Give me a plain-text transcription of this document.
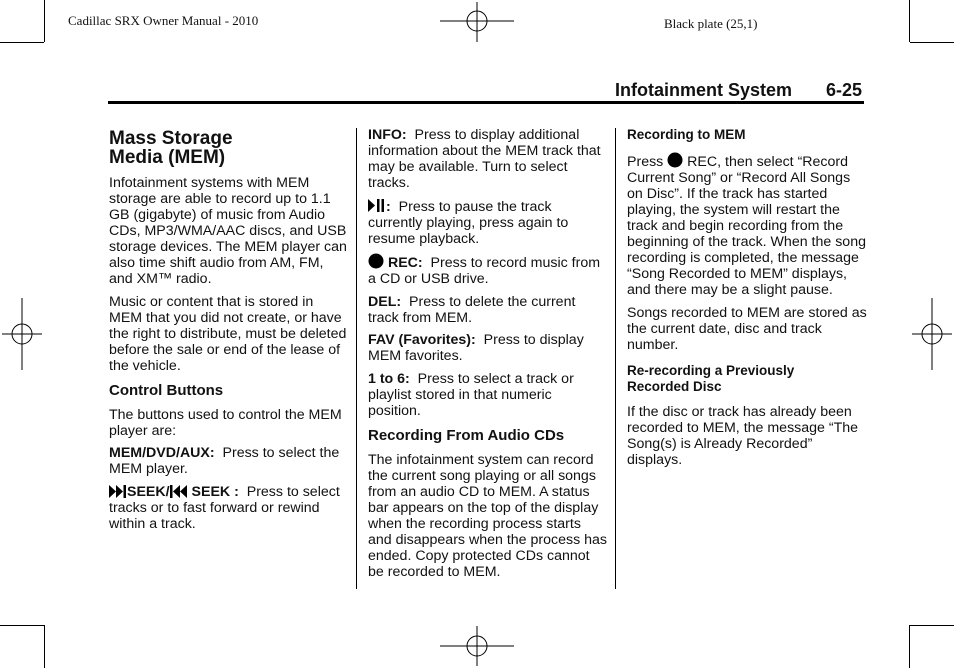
Cadillac SRX Owner Manual - 2010	Black plate (25,1)
Infotainment System 6-25
Mass Storage
Media (MEM)

Infotainment systems with MEM storage are able to record up to 1.1 GB (gigabyte) of music from Audio CDs, MP3/WMA/AAC discs, and USB storage devices. The MEM player can also time shift audio from AM, FM, and XM™ radio.

Music or content that is stored in MEM that you did not create, or have the right to distribute, must be deleted before the sale or end of the lease of the vehicle.

Control Buttons

The buttons used to control the MEM player are:

MEM/DVD/AUX: Press to select the MEM player.

SEEK/ SEEK : Press to select tracks or to fast forward or rewind within a track.

INFO: Press to display additional information about the MEM track that may be available. Turn to select tracks.

: Press to pause the track currently playing, press again to resume playback.

REC: Press to record music from a CD or USB drive.

DEL: Press to delete the current track from MEM.

FAV (Favorites): Press to display MEM favorites.

1 to 6: Press to select a track or playlist stored in that numeric position.

Recording From Audio CDs

The infotainment system can record the current song playing or all songs from an audio CD to MEM. A status bar appears on the top of the display when the recording process starts and disappears when the process has ended. Copy protected CDs cannot be recorded to MEM.

Recording to MEM

Press REC, then select “Record Current Song” or “Record All Songs on Disc”. If the track has started playing, the system will restart the track and begin recording from the beginning of the track. When the song recording is completed, the message “Song Recorded to MEM” displays, and there may be a slight pause.

Songs recorded to MEM are stored as the current date, disc and track number.

Re-recording a Previously
Recorded Disc

If the disc or track has already been recorded to MEM, the message “The Song(s) is Already Recorded” displays.
